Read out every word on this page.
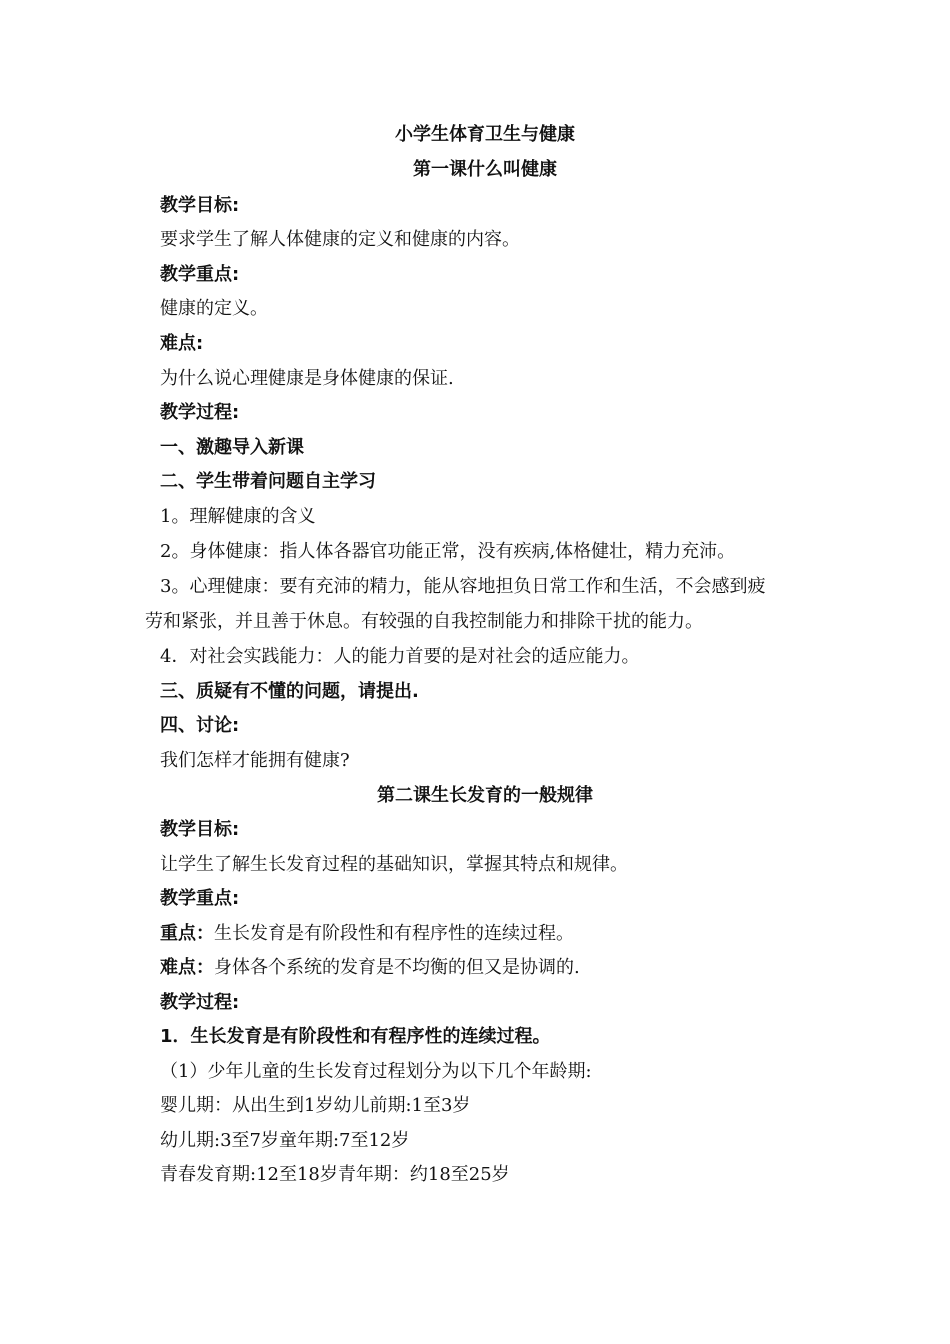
小学生体育卫生与健康
第一课什么叫健康
教学目标:
要求学生了解人体健康的定义和健康的内容。
教学重点:
健康的定义。
难点:
为什么说心理健康是身体健康的保证.
教学过程:
一、激趣导入新课
二、学生带着问题自主学习
1。理解健康的含义
2。身体健康：指人体各器官功能正常，没有疾病,体格健壮，精力充沛。
3。心理健康：要有充沛的精力，能从容地担负日常工作和生活，不会感到疲
劳和紧张，并且善于休息。有较强的自我控制能力和排除干扰的能力。
4．对社会实践能力：人的能力首要的是对社会的适应能力。
三、质疑有不懂的问题，请提出.
四、讨论:
我们怎样才能拥有健康?
第二课生长发育的一般规律
教学目标:
让学生了解生长发育过程的基础知识，掌握其特点和规律。
教学重点:
重点：生长发育是有阶段性和有程序性的连续过程。
难点：身体各个系统的发育是不均衡的但又是协调的.
教学过程:
1．生长发育是有阶段性和有程序性的连续过程。
（1）少年儿童的生长发育过程划分为以下几个年龄期:
婴儿期：从出生到1岁幼儿前期:1至3岁
幼儿期:3至7岁童年期:7至12岁
青春发育期:12至18岁青年期：约18至25岁
